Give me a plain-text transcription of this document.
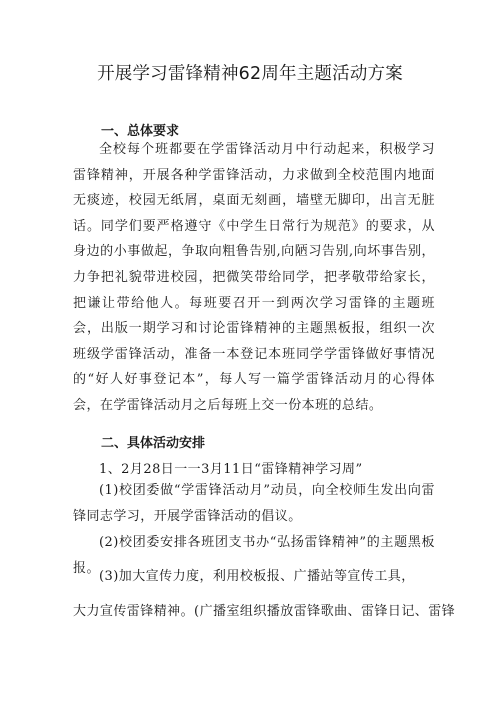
开展学习雷锋精神62周年主题活动方案
一、总体要求
全校每个班都要在学雷锋活动月中行动起来，积极学习雷锋精神，开展各种学雷锋活动，力求做到全校范围内地面无痰迹，校园无纸屑，桌面无刻画，墙壁无脚印，出言无脏话。同学们要严格遵守《中学生日常行为规范》的要求，从身边的小事做起，争取向粗鲁告别,向陋习告别,向坏事告别，力争把礼貌带进校园，把微笑带给同学，把孝敬带给家长，把谦让带给他人。每班要召开一到两次学习雷锋的主题班会，出版一期学习和讨论雷锋精神的主题黑板报，组织一次班级学雷锋活动，准备一本登记本班同学学雷锋做好事情况的“好人好事登记本”，每人写一篇学雷锋活动月的心得体会，在学雷锋活动月之后每班上交一份本班的总结。
二、具体活动安排
1、2月28日一一3月11日“雷锋精神学习周”
(1)校团委做“学雷锋活动月”动员，向全校师生发出向雷锋同志学习，开展学雷锋活动的倡议。
(2)校团委安排各班团支书办“弘扬雷锋精神”的主题黑板报。
(3)加大宣传力度，利用校板报、广播站等宣传工具，
大力宣传雷锋精神。(广播室组织播放雷锋歌曲、雷锋日记、雷锋
